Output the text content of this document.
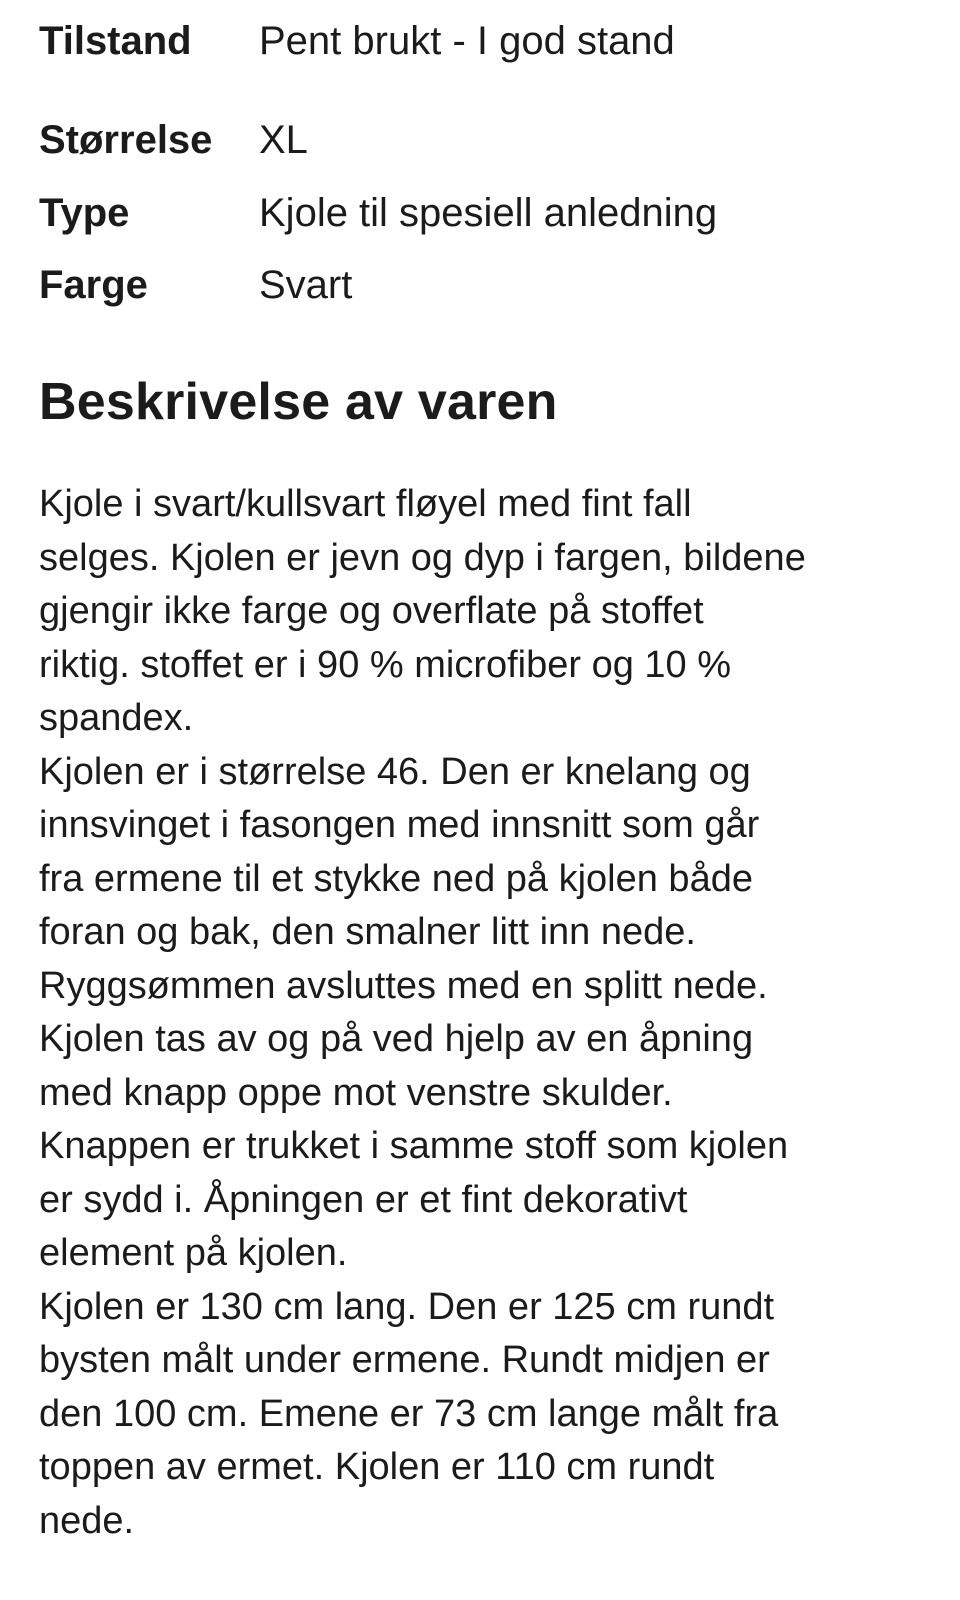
Tilstand	Pent brukt - I god stand
Størrelse	XL
Type	Kjole til spesiell anledning
Farge	Svart
Beskrivelse av varen
Kjole i svart/kullsvart fløyel med fint fall
selges. Kjolen er jevn og dyp i fargen, bildene
gjengir ikke farge og overflate på stoffet
riktig. stoffet er i 90 % microfiber og 10 %
spandex.
Kjolen er i størrelse 46. Den er knelang og
innsvinget i fasongen med innsnitt som går
fra ermene til et stykke ned på kjolen både
foran og bak, den smalner litt inn nede.
Ryggsømmen avsluttes med en splitt nede.
Kjolen tas av og på ved hjelp av en åpning
med knapp oppe mot venstre skulder.
Knappen er trukket i samme stoff som kjolen
er sydd i. Åpningen er et fint dekorativt
element på kjolen.
Kjolen er 130 cm lang. Den er 125 cm rundt
bysten målt under ermene. Rundt midjen er
den 100 cm. Emene er 73 cm lange målt fra
toppen av ermet. Kjolen er 110 cm rundt
nede.
